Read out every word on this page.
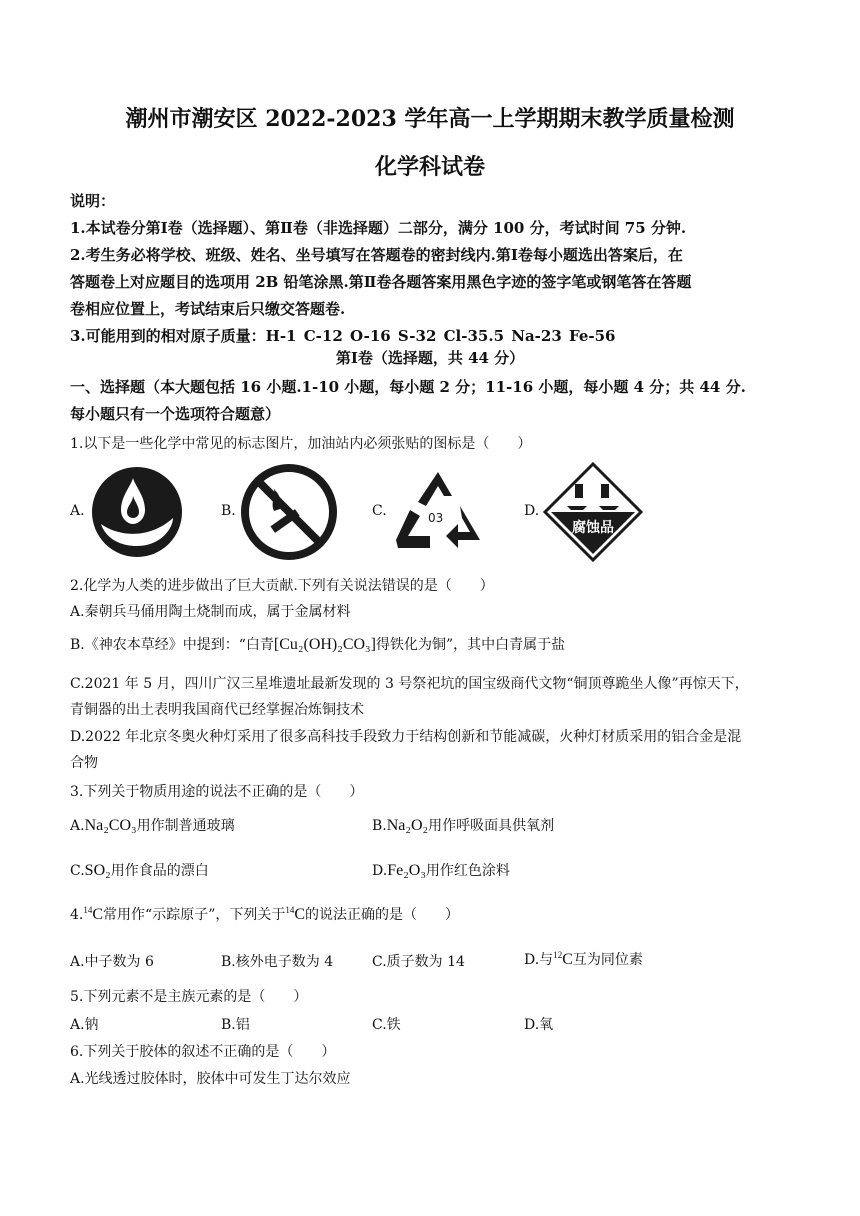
潮州市潮安区 2022-2023 学年高一上学期期末教学质量检测
化学科试卷
说明：
1.本试卷分第Ⅰ卷（选择题）、第Ⅱ卷（非选择题）二部分，满分 100 分，考试时间 75 分钟.
2.考生务必将学校、班级、姓名、坐号填写在答题卷的密封线内.第Ⅰ卷每小题选出答案后，在
答题卷上对应题目的选项用 2B 铅笔涂黑.第Ⅱ卷各题答案用黑色字迹的签字笔或钢笔答在答题
卷相应位置上，考试结束后只缴交答题卷.
3.可能用到的相对原子质量：H-1 C-12 O-16 S-32 Cl-35.5 Na-23 Fe-56
第Ⅰ卷（选择题，共 44 分）
一、选择题（本大题包括 16 小题.1-10 小题，每小题 2 分；11-16 小题，每小题 4 分；共 44 分.
每小题只有一个选项符合题意）
1.以下是一些化学中常见的标志图片，加油站内必须张贴的图标是（　　）
A.	B.	C.	03	D.
腐蚀品
2.化学为人类的进步做出了巨大贡献.下列有关说法错误的是（　　）
A.秦朝兵马俑用陶土烧制而成，属于金属材料
B.《神农本草经》中提到：“白青[Cu₂(OH)₂CO₃]得铁化为铜”，其中白青属于盐
C.2021 年 5 月，四川广汉三星堆遗址最新发现的 3 号祭祀坑的国宝级商代文物“铜顶尊跪坐人像”再惊天下，
青铜器的出土表明我国商代已经掌握冶炼铜技术
D.2022 年北京冬奥火种灯采用了很多高科技手段致力于结构创新和节能减碳，火种灯材质采用的铝合金是混
合物
3.下列关于物质用途的说法不正确的是（　　）
A.Na₂CO₃用作制普通玻璃	B.Na₂O₂用作呼吸面具供氧剂
C.SO₂用作食品的漂白	D.Fe₂O₃用作红色涂料
4.14C常用作“示踪原子”，下列关于$^{14}$C的说法正确的是（　　）
A.中子数为 6	B.核外电子数为 4	C.质子数为 14	D.与$^{12}$C互为同位素
5.下列元素不是主族元素的是（　　）
A.钠	B.铝	C.铁	D.氧
6.下列关于胶体的叙述不正确的是（　　）
A.光线透过胶体时，胶体中可发生丁达尔效应
